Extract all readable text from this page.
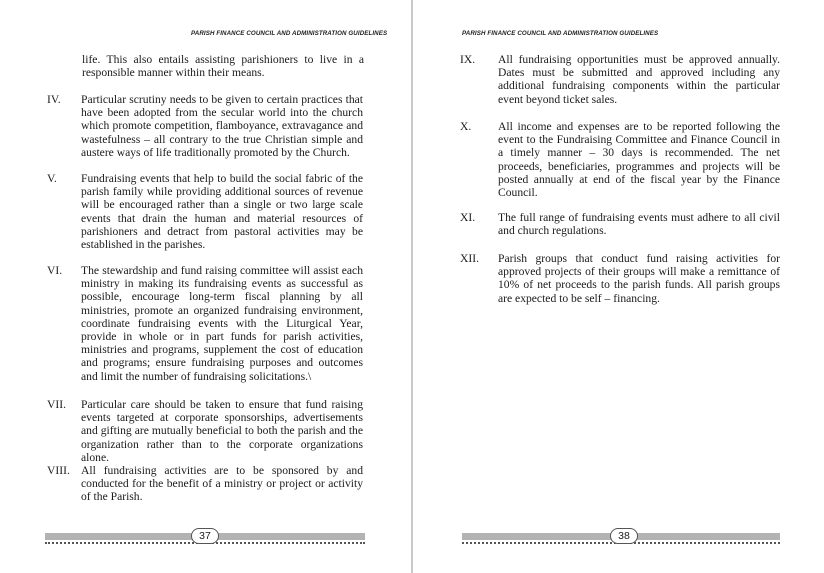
PARISH FINANCE COUNCIL AND ADMINISTRATION GUIDELINES
life. This also entails assisting parishioners to live in a responsible manner within their means.
IV. Particular scrutiny needs to be given to certain practices that have been adopted from the secular world into the church which promote competition, flamboyance, extravagance and wastefulness – all contrary to the true Christian simple and austere ways of life traditionally promoted by the Church.
V. Fundraising events that help to build the social fabric of the parish family while providing additional sources of revenue will be encouraged rather than a single or two large scale events that drain the human and material resources of parishioners and detract from pastoral activities may be established in the parishes.
VI. The stewardship and fund raising committee will assist each ministry in making its fundraising events as successful as possible, encourage long-term fiscal planning by all ministries, promote an organized fundraising environment, coordinate fundraising events with the Liturgical Year, provide in whole or in part funds for parish activities, ministries and programs, supplement the cost of education and programs; ensure fundraising purposes and outcomes and limit the number of fundraising solicitations.\
VII. Particular care should be taken to ensure that fund raising events targeted at corporate sponsorships, advertisements and gifting are mutually beneficial to both the parish and the organization rather than to the corporate organizations alone.
VIII. All fundraising activities are to be sponsored by and conducted for the benefit of a ministry or project or activity of the Parish.
37
PARISH FINANCE COUNCIL AND ADMINISTRATION GUIDELINES
IX. All fundraising opportunities must be approved annually. Dates must be submitted and approved including any additional fundraising components within the particular event beyond ticket sales.
X. All income and expenses are to be reported following the event to the Fundraising Committee and Finance Council in a timely manner – 30 days is recommended. The net proceeds, beneficiaries, programmes and projects will be posted annually at end of the fiscal year by the Finance Council.
XI. The full range of fundraising events must adhere to all civil and church regulations.
XII. Parish groups that conduct fund raising activities for approved projects of their groups will make a remittance of 10% of net proceeds to the parish funds. All parish groups are expected to be self – financing.
38
